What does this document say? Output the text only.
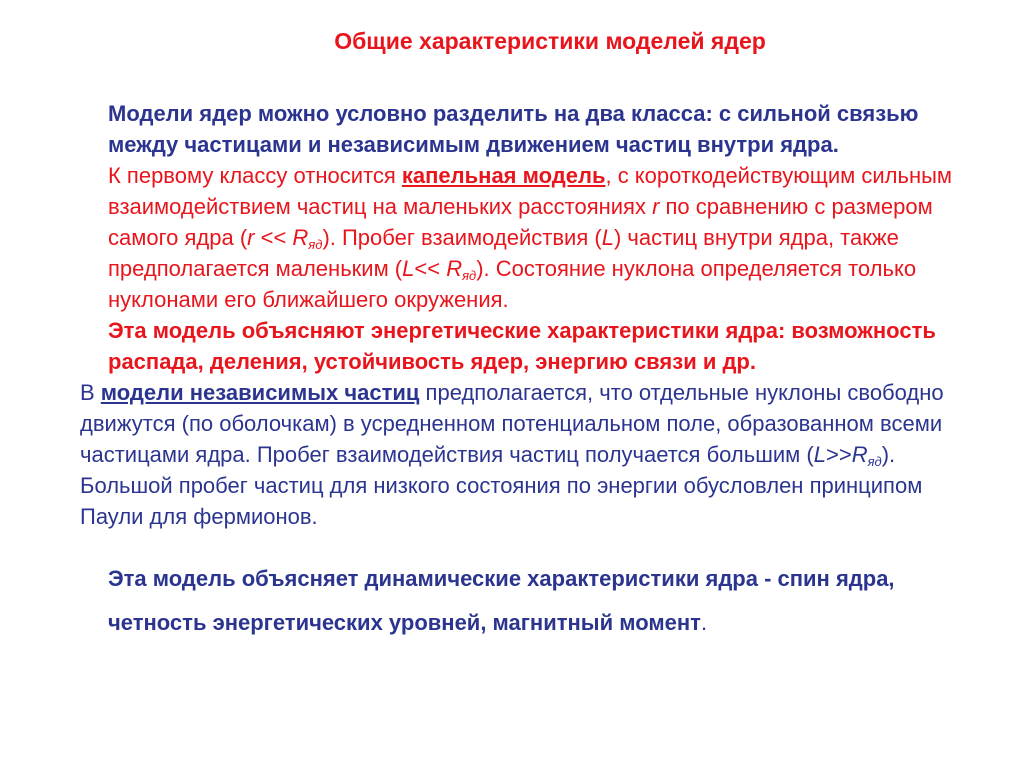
Общие характеристики моделей ядер

Модели ядер можно условно разделить на два класса: с сильной связью между частицами и независимым движением частиц внутри ядра.

К первому классу относится капельная модель, с короткодействующим сильным взаимодействием частиц на маленьких расстояниях r по сравнению с размером самого ядра $(r << R_{яд})$. Пробег взаимодействия (L) частиц внутри ядра, также предполагается маленьким $(L<< R_{яд})$. Состояние нуклона определяется только нуклонами его ближайшего окружения.

Эта модель объясняют энергетические характеристики ядра: возможность распада, деления, устойчивость ядер, энергию связи и др.

В модели независимых частиц предполагается, что отдельные нуклоны свободно движутся (по оболочкам) в усредненном потенциальном поле, образованном всеми частицами ядра. Пробег взаимодействия частиц получается большим $(L>>R_{яд})$. Большой пробег частиц для низкого состояния по энергии обусловлен принципом Паули для фермионов.

Эта модель объясняет динамические характеристики ядра - спин ядра, четность энергетических уровней, магнитный момент.
